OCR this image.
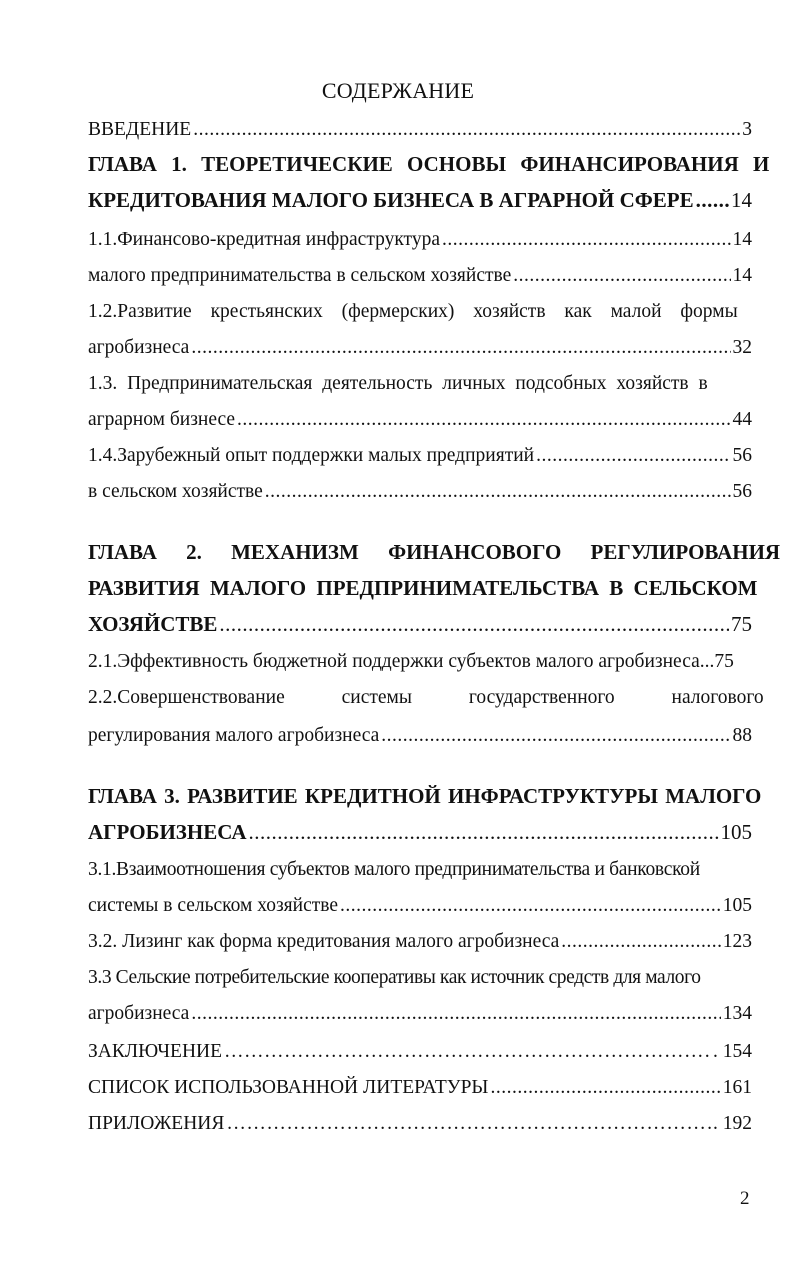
СОДЕРЖАНИЕ
ВВЕДЕНИЕ .....	3
ГЛАВА 1. ТЕОРЕТИЧЕСКИЕ ОСНОВЫ ФИНАНСИРОВАНИЯ И
КРЕДИТОВАНИЯ МАЛОГО БИЗНЕСА В АГРАРНОЙ СФЕРЕ ..... 14
1.1.Финансово-кредитная инфраструктура .....	14
малого предпринимательства в сельском хозяйстве .....	14
1.2.Развитие крестьянских (фермерских) хозяйств как малой формы
агробизнеса .....	32
1.3. Предпринимательская деятельность личных подсобных хозяйств в
аграрном бизнесе .....	44
1.4.Зарубежный опыт поддержки малых предприятий .....	56
в сельском хозяйстве .....	56
ГЛАВА 2. МЕХАНИЗМ ФИНАНСОВОГО РЕГУЛИРОВАНИЯ
РАЗВИТИЯ МАЛОГО ПРЕДПРИНИМАТЕЛЬСТВА В СЕЛЬСКОМ
ХОЗЯЙСТВЕ .....	75
2.1.Эффективность бюджетной поддержки субъектов малого агробизнеса... 75
2.2.Совершенствование системы государственного налогового
регулирования малого агробизнеса .....	88
ГЛАВА 3. РАЗВИТИЕ КРЕДИТНОЙ ИНФРАСТРУКТУРЫ МАЛОГО
АГРОБИЗНЕСА .....	105
3.1.Взаимоотношения субъектов малого предпринимательства и банковской
системы в сельском хозяйстве .....	105
3.2. Лизинг как форма кредитования малого агробизнеса .....	123
3.3 Сельские потребительские кооперативы как источник средств для малого
агробизнеса .....	134
ЗАКЛЮЧЕНИЕ …………………………………………………………………………………………………………………………………………………………………………………	. 154
СПИСОК ИСПОЛЬЗОВАННОЙ ЛИТЕРАТУРЫ .....	161
ПРИЛОЖЕНИЯ …………………………………………………………………………………………………………………………………………………………………………………	. 192
2
